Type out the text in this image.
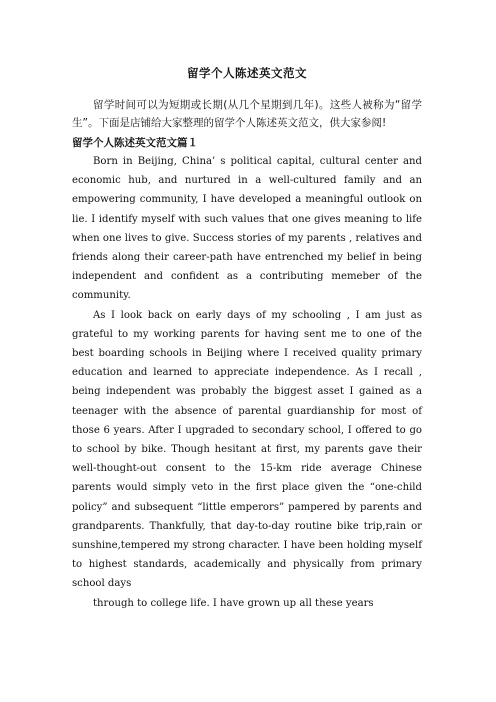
留学个人陈述英文范文

留学时间可以为短期或长期(从几个星期到几年)。这些人被称为“留学生”。下面是店铺给大家整理的留学个人陈述英文范文，供大家参阅!

留学个人陈述英文范文篇１

Born in Beijing, China’ s political capital, cultural center and economic hub, and nurtured in a well-cultured family and an empowering community, I have developed a meaningful outlook on lie. I identify myself with such values that one gives meaning to life when one lives to give. Success stories of my parents , relatives and friends along their career-path have entrenched my belief in being independent and confident as a contributing memeber of the community.

As I look back on early days of my schooling , I am just as grateful to my working parents for having sent me to one of the best boarding schools in Beijing where I received quality primary education and learned to appreciate independence. As I recall , being independent was probably the biggest asset I gained as a teenager with the absence of parental guardianship for most of those 6 years. After I upgraded to secondary school, I offered to go to school by bike. Though hesitant at first, my parents gave their well-thought-out consent to the 15-km ride average Chinese parents would simply veto in the first place given the “one-child policy” and subsequent “little emperors” pampered by parents and grandparents. Thankfully, that day-to-day routine bike trip,rain or sunshine,tempered my strong character. I have been holding myself to highest standards, academically and physically from primary school days

through to college life. I have grown up all these years
